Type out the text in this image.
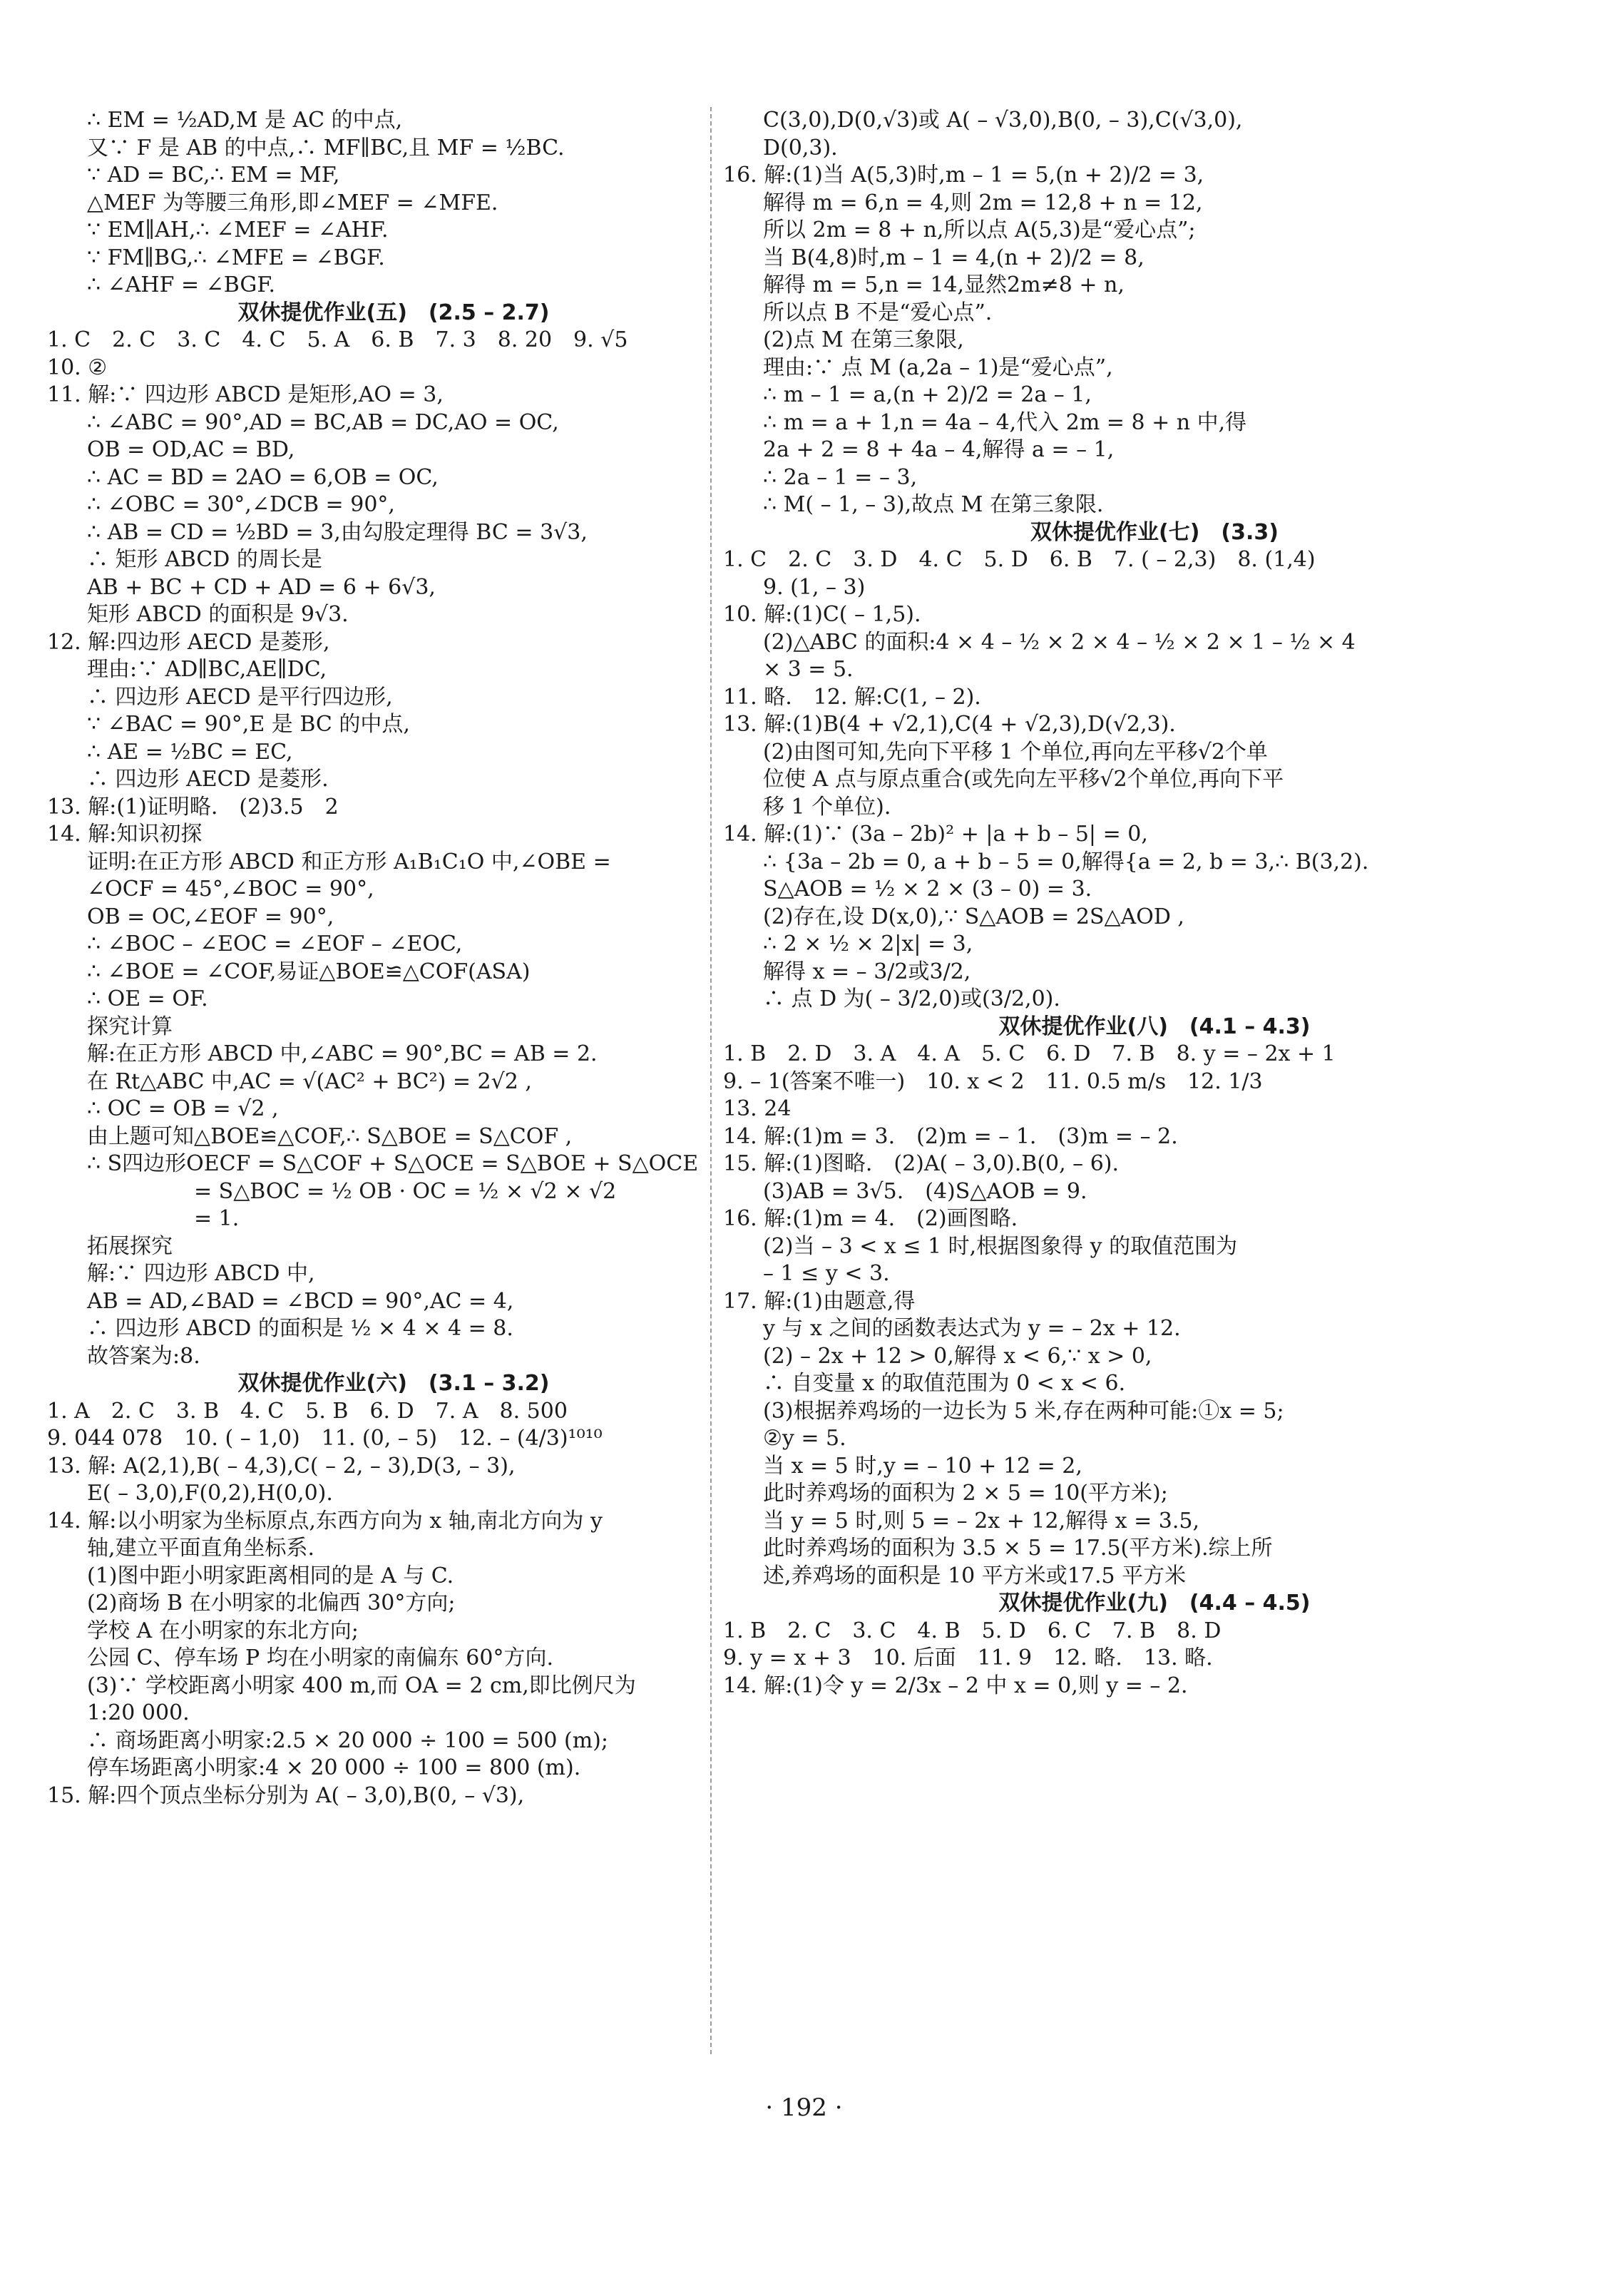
∴ EM = ½AD,M 是 AC 的中点,
又∵ F 是 AB 的中点,∴ MF∥BC,且 MF = ½BC.
∵ AD = BC,∴ EM = MF,
△MEF 为等腰三角形,即∠MEF = ∠MFE.
∵ EM∥AH,∴ ∠MEF = ∠AHF.
∵ FM∥BG,∴ ∠MFE = ∠BGF.
∴ ∠AHF = ∠BGF.
双休提优作业(五)　(2.5 – 2.7)
1. C　2. C　3. C　4. C　5. A　6. B　7. 3　8. 20　9. √5
10. ②
11. 解:∵ 四边形 ABCD 是矩形,AO = 3,
∴ ∠ABC = 90°,AD = BC,AB = DC,AO = OC,
OB = OD,AC = BD,
∴ AC = BD = 2AO = 6,OB = OC,
∴ ∠OBC = 30°,∠DCB = 90°,
∴ AB = CD = ½BD = 3,由勾股定理得 BC = 3√3,
∴ 矩形 ABCD 的周长是
AB + BC + CD + AD = 6 + 6√3,
矩形 ABCD 的面积是 9√3.
12. 解:四边形 AECD 是菱形,
理由:∵ AD∥BC,AE∥DC,
∴ 四边形 AECD 是平行四边形,
∵ ∠BAC = 90°,E 是 BC 的中点,
∴ AE = ½BC = EC,
∴ 四边形 AECD 是菱形.
13. 解:(1)证明略.　(2)3.5　2
14. 解:知识初探
证明:在正方形 ABCD 和正方形 A₁B₁C₁O 中,∠OBE =
∠OCF = 45°,∠BOC = 90°,
OB = OC,∠EOF = 90°,
∴ ∠BOC – ∠EOC = ∠EOF – ∠EOC,
∴ ∠BOE = ∠COF,易证△BOE≌△COF(ASA)
∴ OE = OF.
探究计算
解:在正方形 ABCD 中,∠ABC = 90°,BC = AB = 2.
在 Rt△ABC 中,AC = √(AC² + BC²) = 2√2 ,
∴ OC = OB = √2 ,
由上题可知△BOE≌△COF,∴ S△BOE = S△COF ,
∴ S四边形OECF = S△COF + S△OCE = S△BOE + S△OCE
　　　　　= S△BOC = ½ OB · OC = ½ × √2 × √2
　　　　　= 1.
拓展探究
解:∵ 四边形 ABCD 中,
AB = AD,∠BAD = ∠BCD = 90°,AC = 4,
∴ 四边形 ABCD 的面积是 ½ × 4 × 4 = 8.
故答案为:8.
双休提优作业(六)　(3.1 – 3.2)
1. A　2. C　3. B　4. C　5. B　6. D　7. A　8. 500
9. 044 078　10. ( – 1,0)　11. (0, – 5)　12. – (4/3)¹⁰¹⁰
13. 解: A(2,1),B( – 4,3),C( – 2, – 3),D(3, – 3),
E( – 3,0),F(0,2),H(0,0).
14. 解:以小明家为坐标原点,东西方向为 x 轴,南北方向为 y
轴,建立平面直角坐标系.
(1)图中距小明家距离相同的是 A 与 C.
(2)商场 B 在小明家的北偏西 30°方向;
学校 A 在小明家的东北方向;
公园 C、停车场 P 均在小明家的南偏东 60°方向.
(3)∵ 学校距离小明家 400 m,而 OA = 2 cm,即比例尺为
1:20 000.
∴ 商场距离小明家:2.5 × 20 000 ÷ 100 = 500 (m);
停车场距离小明家:4 × 20 000 ÷ 100 = 800 (m).
15. 解:四个顶点坐标分别为 A( – 3,0),B(0, – √3),
C(3,0),D(0,√3)或 A( – √3,0),B(0, – 3),C(√3,0),
D(0,3).
16. 解:(1)当 A(5,3)时,m – 1 = 5,(n + 2)/2 = 3,
解得 m = 6,n = 4,则 2m = 12,8 + n = 12,
所以 2m = 8 + n,所以点 A(5,3)是“爱心点”;
当 B(4,8)时,m – 1 = 4,(n + 2)/2 = 8,
解得 m = 5,n = 14,显然2m≠8 + n,
所以点 B 不是“爱心点”.
(2)点 M 在第三象限,
理由:∵ 点 M (a,2a – 1)是“爱心点”,
∴ m – 1 = a,(n + 2)/2 = 2a – 1,
∴ m = a + 1,n = 4a – 4,代入 2m = 8 + n 中,得
2a + 2 = 8 + 4a – 4,解得 a = – 1,
∴ 2a – 1 = – 3,
∴ M( – 1, – 3),故点 M 在第三象限.
双休提优作业(七)　(3.3)
1. C　2. C　3. D　4. C　5. D　6. B　7. ( – 2,3)　8. (1,4)
9. (1, – 3)
10. 解:(1)C( – 1,5).
(2)△ABC 的面积:4 × 4 – ½ × 2 × 4 – ½ × 2 × 1 – ½ × 4
× 3 = 5.
11. 略.　12. 解:C(1, – 2).
13. 解:(1)B(4 + √2,1),C(4 + √2,3),D(√2,3).
(2)由图可知,先向下平移 1 个单位,再向左平移√2个单
位使 A 点与原点重合(或先向左平移√2个单位,再向下平
移 1 个单位).
14. 解:(1)∵ (3a – 2b)² + |a + b – 5| = 0,
∴ {3a – 2b = 0, a + b – 5 = 0,解得{a = 2, b = 3,∴ B(3,2).
S△AOB = ½ × 2 × (3 – 0) = 3.
(2)存在,设 D(x,0),∵ S△AOB = 2S△AOD ,
∴ 2 × ½ × 2|x| = 3,
解得 x = – 3/2或3/2,
∴ 点 D 为( – 3/2,0)或(3/2,0).
双休提优作业(八)　(4.1 – 4.3)
1. B　2. D　3. A　4. A　5. C　6. D　7. B　8. y = – 2x + 1
9. – 1(答案不唯一)　10. x < 2　11. 0.5 m/s　12. 1/3
13. 24
14. 解:(1)m = 3.　(2)m = – 1.　(3)m = – 2.
15. 解:(1)图略.　(2)A( – 3,0).B(0, – 6).
(3)AB = 3√5.　(4)S△AOB = 9.
16. 解:(1)m = 4.　(2)画图略.
(2)当 – 3 < x ≤ 1 时,根据图象得 y 的取值范围为
– 1 ≤ y < 3.
17. 解:(1)由题意,得
y 与 x 之间的函数表达式为 y = – 2x + 12.
(2) – 2x + 12 > 0,解得 x < 6,∵ x > 0,
∴ 自变量 x 的取值范围为 0 < x < 6.
(3)根据养鸡场的一边长为 5 米,存在两种可能:①x = 5;
②y = 5.
当 x = 5 时,y = – 10 + 12 = 2,
此时养鸡场的面积为 2 × 5 = 10(平方米);
当 y = 5 时,则 5 = – 2x + 12,解得 x = 3.5,
此时养鸡场的面积为 3.5 × 5 = 17.5(平方米).综上所
述,养鸡场的面积是 10 平方米或17.5 平方米
双休提优作业(九)　(4.4 – 4.5)
1. B　2. C　3. C　4. B　5. D　6. C　7. B　8. D
9. y = x + 3　10. 后面　11. 9　12. 略.　13. 略.
14. 解:(1)令 y = 2/3x – 2 中 x = 0,则 y = – 2.
· 192 ·
